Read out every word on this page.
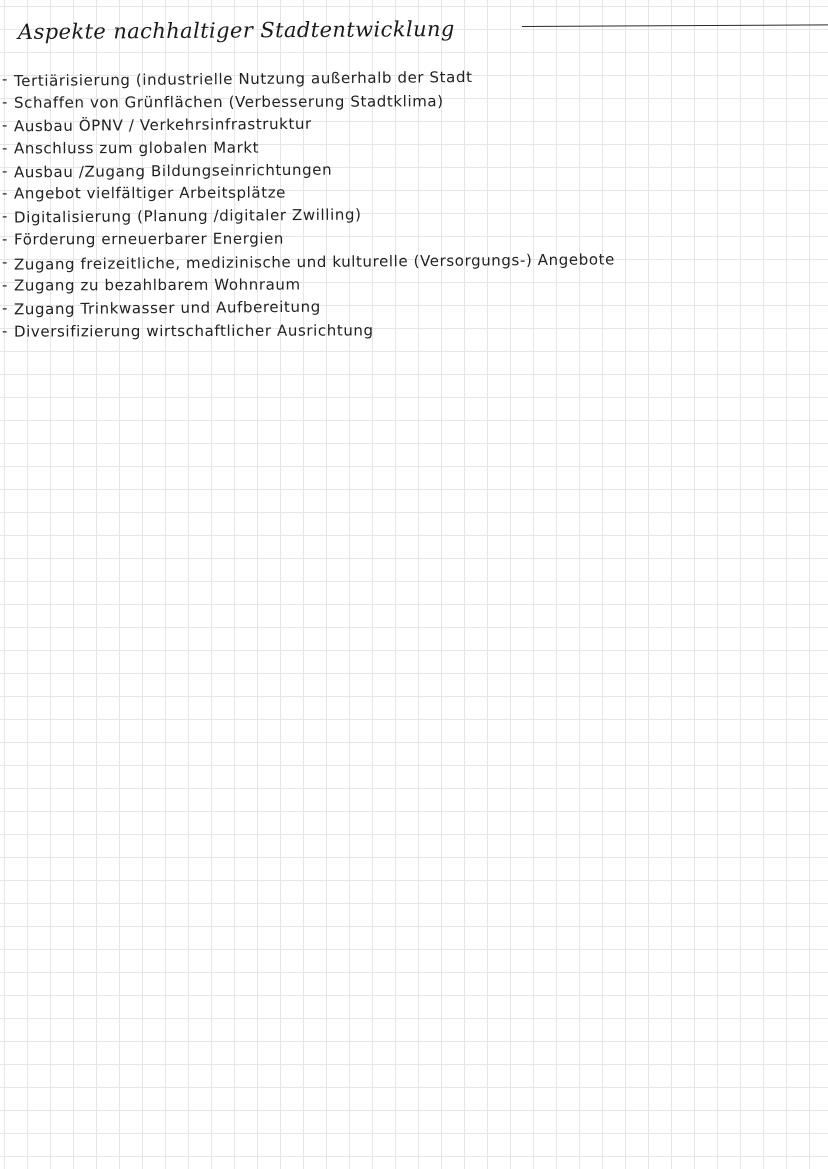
Aspekte nachhaltiger Stadtentwicklung
- Tertiärisierung (industrielle Nutzung außerhalb der Stadt
- Schaffen von Grünflächen (Verbesserung Stadtklima)
- Ausbau ÖPNV / Verkehrsinfrastruktur
- Anschluss zum globalen Markt
- Ausbau /Zugang Bildungseinrichtungen
- Angebot vielfältiger Arbeitsplätze
- Digitalisierung (Planung /digitaler Zwilling)
- Förderung erneuerbarer Energien
- Zugang freizeitliche, medizinische und kulturelle (Versorgungs-) Angebote
- Zugang zu bezahlbarem Wohnraum
- Zugang Trinkwasser und Aufbereitung
- Diversifizierung wirtschaftlicher Ausrichtung
